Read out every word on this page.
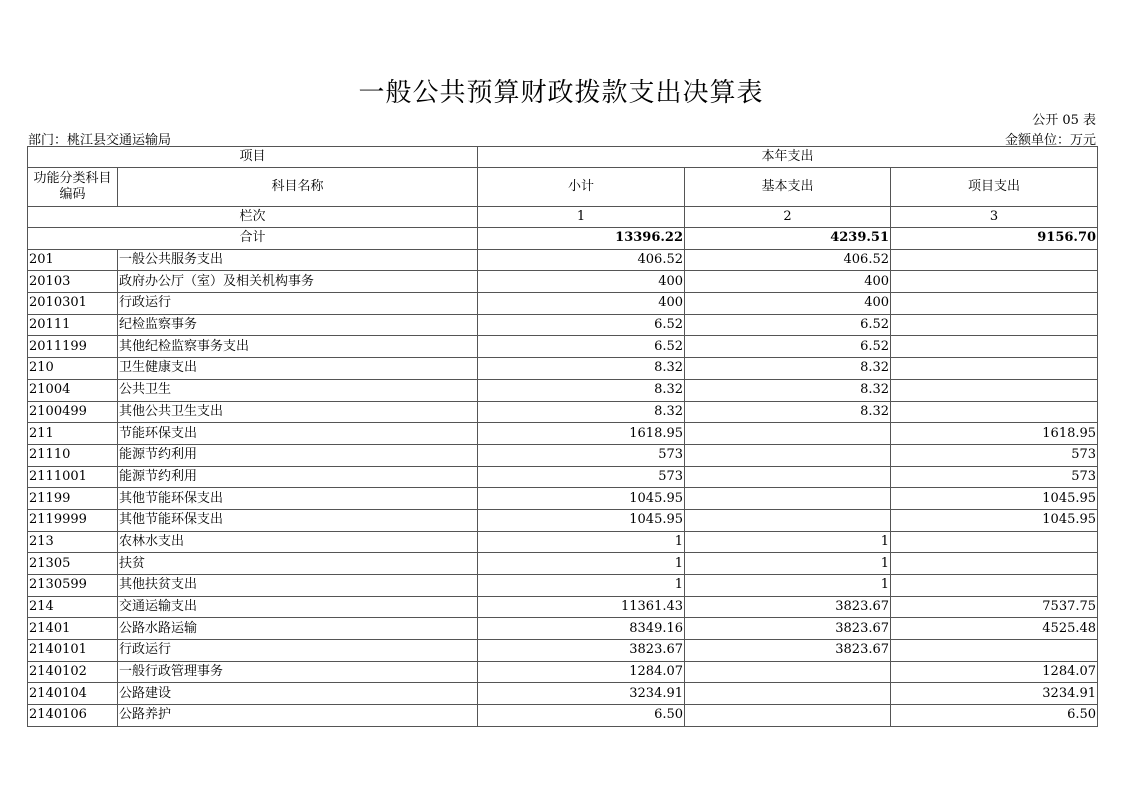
一般公共预算财政拨款支出决算表
公开 05 表
部门：桃江县交通运输局	金额单位：万元
项目		本年支出		
功能分类科目编码	科目名称	小计	基本支出	项目支出
栏次		1	2	3
合计		13396.22	4239.51	9156.70
201	一般公共服务支出	406.52	406.52	
20103	政府办公厅（室）及相关机构事务	400	400	
2010301	行政运行	400	400	
20111	纪检监察事务	6.52	6.52	
2011199	其他纪检监察事务支出	6.52	6.52	
210	卫生健康支出	8.32	8.32	
21004	公共卫生	8.32	8.32	
2100499	其他公共卫生支出	8.32	8.32	
211	节能环保支出	1618.95		1618.95
21110	能源节约利用	573		573
2111001	能源节约利用	573		573
21199	其他节能环保支出	1045.95		1045.95
2119999	其他节能环保支出	1045.95		1045.95
213	农林水支出	1	1	
21305	扶贫	1	1	
2130599	其他扶贫支出	1	1	
214	交通运输支出	11361.43	3823.67	7537.75
21401	公路水路运输	8349.16	3823.67	4525.48
2140101	行政运行	3823.67	3823.67	
2140102	一般行政管理事务	1284.07		1284.07
2140104	公路建设	3234.91		3234.91
2140106	公路养护	6.50		6.50
